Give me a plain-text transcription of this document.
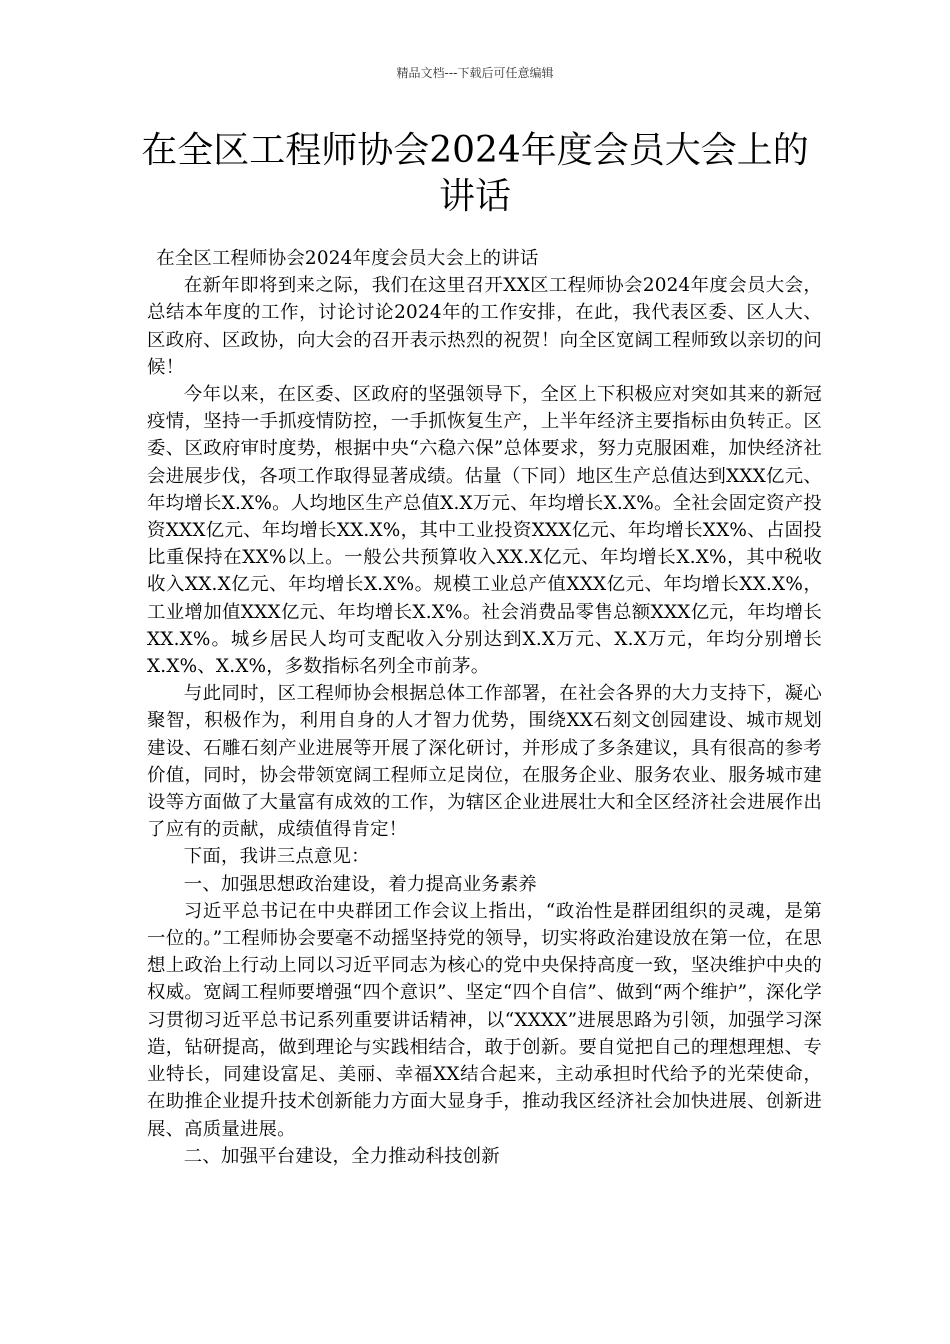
精品文档---下载后可任意编辑
在全区工程师协会2024年度会员大会上的
讲话

在全区工程师协会2024年度会员大会上的讲话

在新年即将到来之际，我们在这里召开XX区工程师协会2024年度会员大会，总结本年度的工作，讨论讨论2024年的工作安排，在此，我代表区委、区人大、区政府、区政协，向大会的召开表示热烈的祝贺！向全区宽阔工程师致以亲切的问候！

今年以来，在区委、区政府的坚强领导下，全区上下积极应对突如其来的新冠疫情，坚持一手抓疫情防控，一手抓恢复生产，上半年经济主要指标由负转正。区委、区政府审时度势，根据中央“六稳六保”总体要求，努力克服困难，加快经济社会进展步伐，各项工作取得显著成绩。估量（下同）地区生产总值达到XXX亿元、年均增长X.X%。人均地区生产总值X.X万元、年均增长X.X%。全社会固定资产投资XXX亿元、年均增长XX.X%，其中工业投资XXX亿元、年均增长XX%、占固投比重保持在XX%以上。一般公共预算收入XX.X亿元、年均增长X.X%，其中税收收入XX.X亿元、年均增长X.X%。规模工业总产值XXX亿元、年均增长XX.X%，工业增加值XXX亿元、年均增长X.X%。社会消费品零售总额XXX亿元，年均增长XX.X%。城乡居民人均可支配收入分别达到X.X万元、X.X万元，年均分别增长X.X%、X.X%，多数指标名列全市前茅。

与此同时，区工程师协会根据总体工作部署，在社会各界的大力支持下，凝心聚智，积极作为，利用自身的人才智力优势，围绕XX石刻文创园建设、城市规划建设、石雕石刻产业进展等开展了深化研讨，并形成了多条建议，具有很高的参考价值，同时，协会带领宽阔工程师立足岗位，在服务企业、服务农业、服务城市建设等方面做了大量富有成效的工作，为辖区企业进展壮大和全区经济社会进展作出了应有的贡献，成绩值得肯定！

下面，我讲三点意见：

一、加强思想政治建设，着力提高业务素养

习近平总书记在中央群团工作会议上指出，“政治性是群团组织的灵魂，是第一位的。”工程师协会要毫不动摇坚持党的领导，切实将政治建设放在第一位，在思想上政治上行动上同以习近平同志为核心的党中央保持高度一致，坚决维护中央的权威。宽阔工程师要增强“四个意识”、坚定“四个自信”、做到“两个维护”，深化学习贯彻习近平总书记系列重要讲话精神，以“XXXX”进展思路为引领，加强学习深造，钻研提高，做到理论与实践相结合，敢于创新。要自觉把自己的理想理想、专业特长，同建设富足、美丽、幸福XX结合起来，主动承担时代给予的光荣使命，在助推企业提升技术创新能力方面大显身手，推动我区经济社会加快进展、创新进展、高质量进展。

二、加强平台建设，全力推动科技创新
